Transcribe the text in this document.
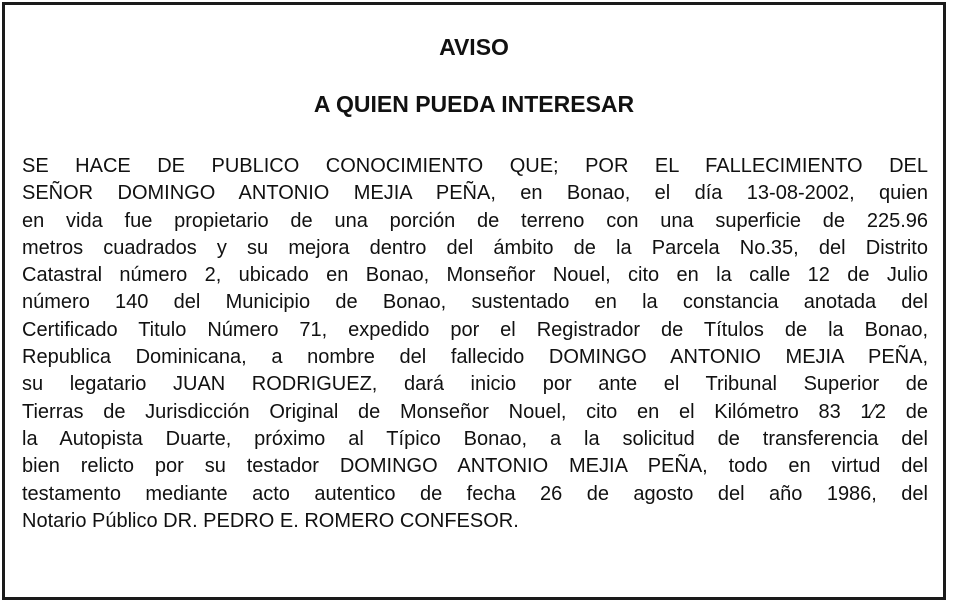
AVISO
A QUIEN PUEDA INTERESAR
SE HACE DE PUBLICO CONOCIMIENTO QUE; POR EL FALLECIMIENTO DEL
SEÑOR DOMINGO ANTONIO MEJIA PEÑA, en Bonao, el día 13-08-2002, quien
en vida fue propietario de una porción de terreno con una superficie de 225.96
metros cuadrados y su mejora dentro del ámbito de la Parcela No.35, del Distrito
Catastral número 2, ubicado en Bonao, Monseñor Nouel, cito en la calle 12 de Julio
número 140 del Municipio de Bonao, sustentado en la constancia anotada del
Certificado Titulo Número 71, expedido por el Registrador de Títulos de la Bonao,
Republica Dominicana, a nombre del fallecido DOMINGO ANTONIO MEJIA PEÑA,
su legatario JUAN RODRIGUEZ, dará inicio por ante el Tribunal Superior de
Tierras de Jurisdicción Original de Monseñor Nouel, cito en el Kilómetro 83 1⁄2 de
la Autopista Duarte, próximo al Típico Bonao, a la solicitud de transferencia del
bien relicto por su testador DOMINGO ANTONIO MEJIA PEÑA, todo en virtud del
testamento mediante acto autentico de fecha 26 de agosto del año 1986, del
Notario Público DR. PEDRO E. ROMERO CONFESOR.
